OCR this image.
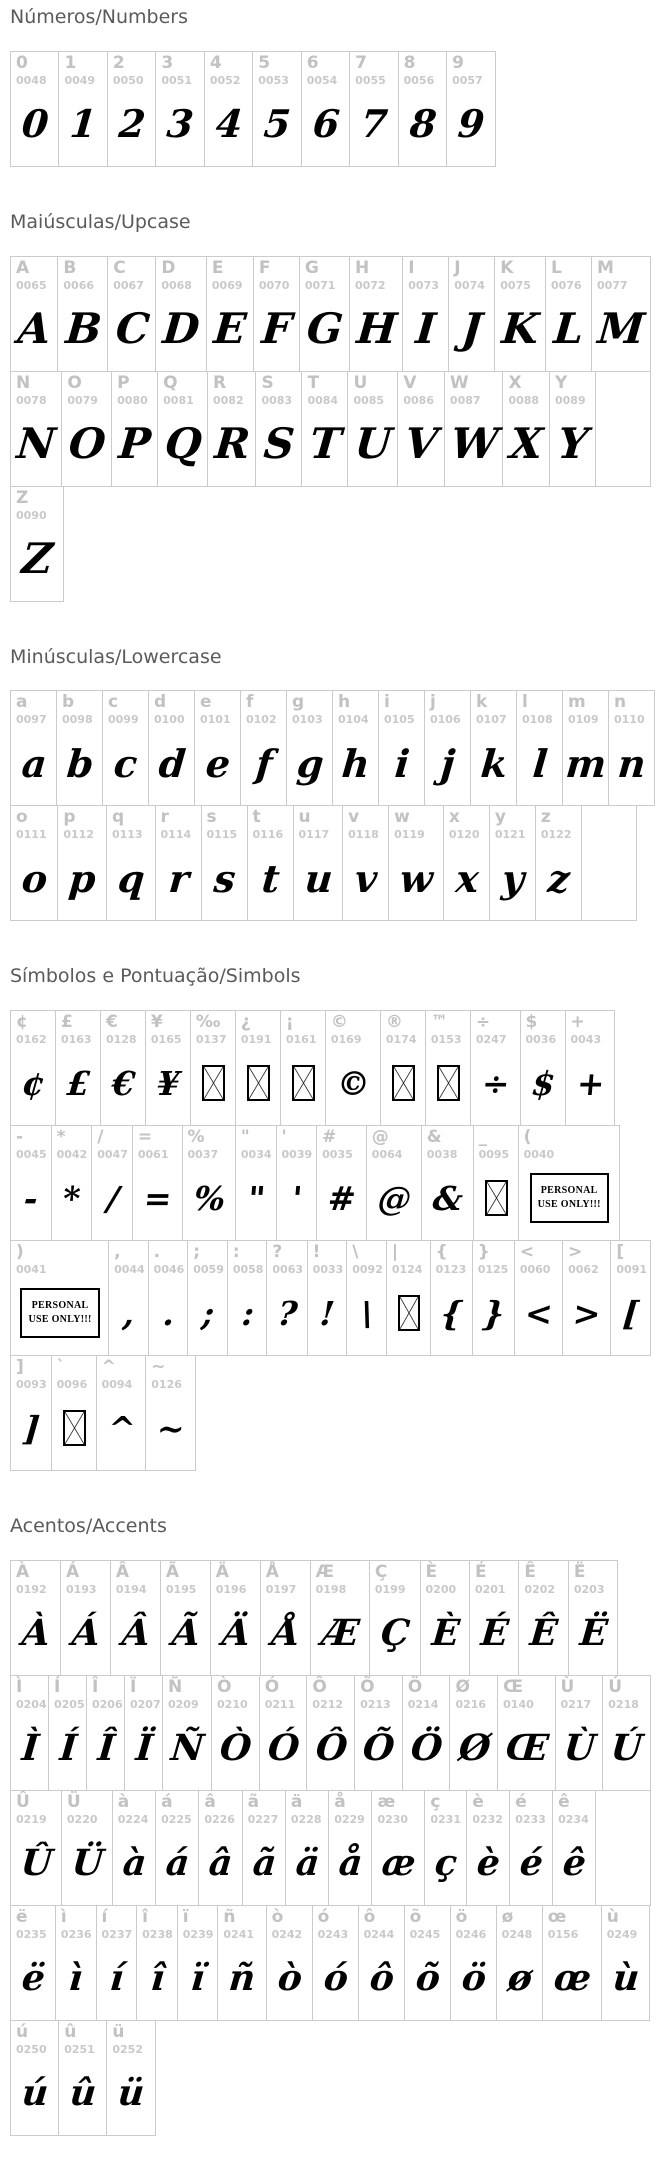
Números/Numbers
0
0048
0
1
0049
1
2
0050
2
3
0051
3
4
0052
4
5
0053
5
6
0054
6
7
0055
7
8
0056
8
9
0057
9
Maiúsculas/Upcase
A
0065
A
B
0066
B
C
0067
C
D
0068
D
E
0069
E
F
0070
F
G
0071
G
H
0072
H
I
0073
I
J
0074
J
K
0075
K
L
0076
L
M
0077
M
N
0078
N
O
0079
O
P
0080
P
Q
0081
Q
R
0082
R
S
0083
S
T
0084
T
U
0085
U
V
0086
V
W
0087
W
X
0088
X
Y
0089
Y
Z
0090
Z
Minúsculas/Lowercase
a
0097
a
b
0098
b
c
0099
c
d
0100
d
e
0101
e
f
0102
f
g
0103
g
h
0104
h
i
0105
i
j
0106
j
k
0107
k
l
0108
l
m
0109
m
n
0110
n
o
0111
o
p
0112
p
q
0113
q
r
0114
r
s
0115
s
t
0116
t
u
0117
u
v
0118
v
w
0119
w
x
0120
x
y
0121
y
z
0122
z
Símbolos e Pontuação/Simbols
¢
0162
¢
£
0163
£
€
0128
€
¥
0165
¥
‰
0137
¿
0191
¡
0161
©
0169
©
®
0174
™
0153
÷
0247
÷
$
0036
$
+
0043
+
-
0045
-
*
0042
*
/
0047
/
=
0061
=
%
0037
%
"
0034
"
'
0039
'
#
0035
#
@
0064
@
&
0038
&
_
0095
(
0040
PERSONAL
USE ONLY!!!
)
0041
PERSONAL
USE ONLY!!!
,
0044
,
.
0046
.
;
0059
;
:
0058
:
?
0063
?
!
0033
!
\
0092
\
|
0124
{
0123
{
}
0125
}
<
0060
<
>
0062
>
[
0091
[
]
0093
]
`
0096
^
0094
^
~
0126
~
Acentos/Accents
À
0192
À
Á
0193
Á
Â
0194
Â
Ã
0195
Ã
Ä
0196
Ä
Å
0197
Å
Æ
0198
Æ
Ç
0199
Ç
È
0200
È
É
0201
É
Ê
0202
Ê
Ë
0203
Ë
Ì
0204
Ì
Í
0205
Í
Î
0206
Î
Ï
0207
Ï
Ñ
0209
Ñ
Ò
0210
Ò
Ó
0211
Ó
Ô
0212
Ô
Õ
0213
Õ
Ö
0214
Ö
Ø
0216
Ø
Œ
0140
Œ
Ù
0217
Ù
Ú
0218
Ú
Û
0219
Û
Ü
0220
Ü
à
0224
à
á
0225
á
â
0226
â
ã
0227
ã
ä
0228
ä
å
0229
å
æ
0230
æ
ç
0231
ç
è
0232
è
é
0233
é
ê
0234
ê
ë
0235
ë
ì
0236
ì
í
0237
í
î
0238
î
ï
0239
ï
ñ
0241
ñ
ò
0242
ò
ó
0243
ó
ô
0244
ô
õ
0245
õ
ö
0246
ö
ø
0248
ø
œ
0156
œ
ù
0249
ù
ú
0250
ú
û
0251
û
ü
0252
ü
